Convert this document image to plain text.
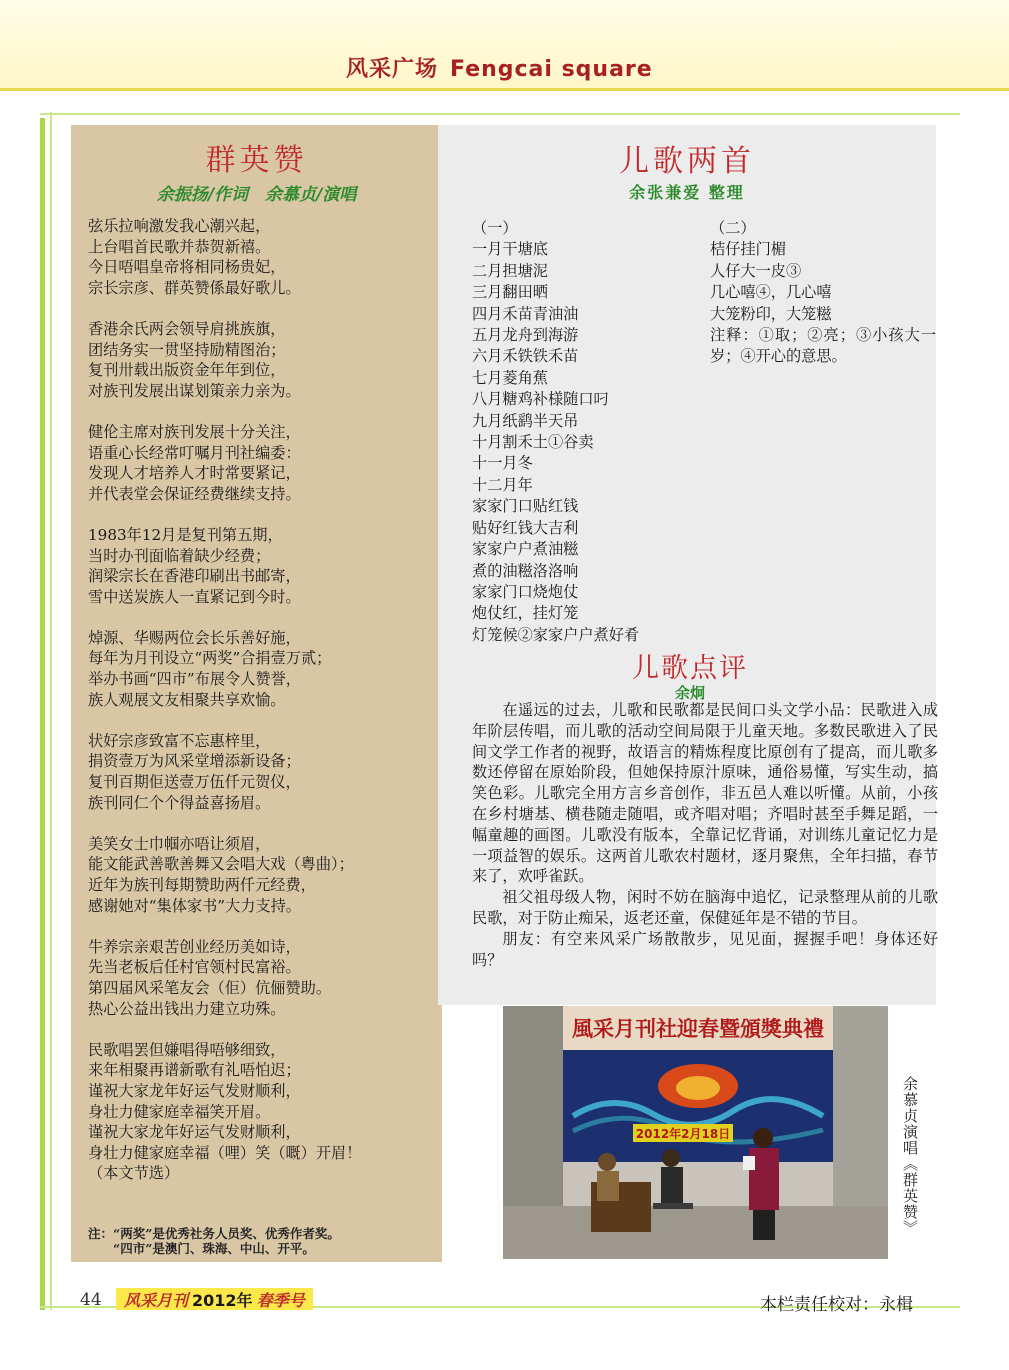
风采广场 Fengcai square
群英赞
余振扬/作词　余慕贞/演唱
弦乐拉响激发我心潮兴起，
上台唱首民歌并恭贺新禧。
今日唔唱皇帝将相同杨贵妃，
宗长宗彦、群英赞係最好歌儿。
香港余氏两会领导肩挑族旗，
团结务实一贯坚持励精图治；
复刊卅载出版资金年年到位，
对族刊发展出谋划策亲力亲为。
健伦主席对族刊发展十分关注，
语重心长经常叮嘱月刊社编委：
发现人才培养人才时常要紧记，
并代表堂会保证经费继续支持。
1983年12月是复刊第五期，
当时办刊面临着缺少经费；
润梁宗长在香港印刷出书邮寄，
雪中送炭族人一直紧记到今时。
焯源、华赐两位会长乐善好施，
每年为月刊设立“两奖”合捐壹万贰；
举办书画“四市”布展令人赞誉，
族人观展文友相聚共享欢愉。
状好宗彦致富不忘惠梓里，
捐资壹万为风采堂增添新设备；
复刊百期佢送壹万伍仟元贺仪，
族刊同仁个个得益喜扬眉。
美笑女士巾帼亦唔让须眉，
能文能武善歌善舞又会唱大戏（粤曲）；
近年为族刊每期赞助两仟元经费，
感谢她对“集体家书”大力支持。
牛养宗亲艰苦创业经历美如诗，
先当老板后任村官领村民富裕。
第四届风采笔友会（佢）伉俪赞助。
热心公益出钱出力建立功殊。
民歌唱罢但嫌唱得唔够细致，
来年相聚再谱新歌有礼唔怕迟；
谨祝大家龙年好运气发财顺利，
身壮力健家庭幸福笑开眉。
谨祝大家龙年好运气发财顺利，
身壮力健家庭幸福（哩）笑（嘅）开眉！
（本文节选）
注：“两奖”是优秀社务人员奖、优秀作者奖。
　　“四市”是澳门、珠海、中山、开平。
儿歌两首
余张兼爱 整理
（一）
一月干塘底
二月担塘泥
三月翻田晒
四月禾苗青油油
五月龙舟到海游
六月禾铁铁禾苗
七月菱角蕉
八月糖鸡补様随口叼
九月纸鹞半天吊
十月割禾土①谷卖
十一月冬
十二月年
家家门口贴红钱
贴好红钱大吉利
家家户户煮油糍
煮的油糍洛洛响
家家门口烧炮仗
炮仗红，挂灯笼
灯笼候②家家户户煮好肴
（二）
桔仔挂门楣
人仔大一皮③
几心嘻④，几心嘻
大笼粉印，大笼糍
注释：①取；②亮；③小孩大一岁；④开心的意思。
儿歌点评
余炯

在遥远的过去，儿歌和民歌都是民间口头文学小品：民歌进入成年阶层传唱，而儿歌的活动空间局限于儿童天地。多数民歌进入了民间文学工作者的视野，故语言的精炼程度比原创有了提高，而儿歌多数还停留在原始阶段，但她保持原汁原味，通俗易懂，写实生动，搞笑色彩。儿歌完全用方言乡音创作，非五邑人难以听懂。从前，小孩在乡村塘基、横巷随走随唱，或齐唱对唱；齐唱时甚至手舞足蹈，一幅童趣的画图。儿歌没有版本，全靠记忆背诵，对训练儿童记忆力是一项益智的娱乐。这两首儿歌农村题材，逐月聚焦，全年扫描，春节来了，欢呼雀跃。

祖父祖母级人物，闲时不妨在脑海中追忆，记录整理从前的儿歌民歌，对于防止痴呆，返老还童，保健延年是不错的节目。

朋友：有空来风采广场散散步，见见面，握握手吧！身体还好吗？

風采月刊社迎春暨頒獎典禮
2012年2月18日	余慕贞演唱《群英赞》
44	风采月刊 2012年 春季号	本栏责任校对：永楫
